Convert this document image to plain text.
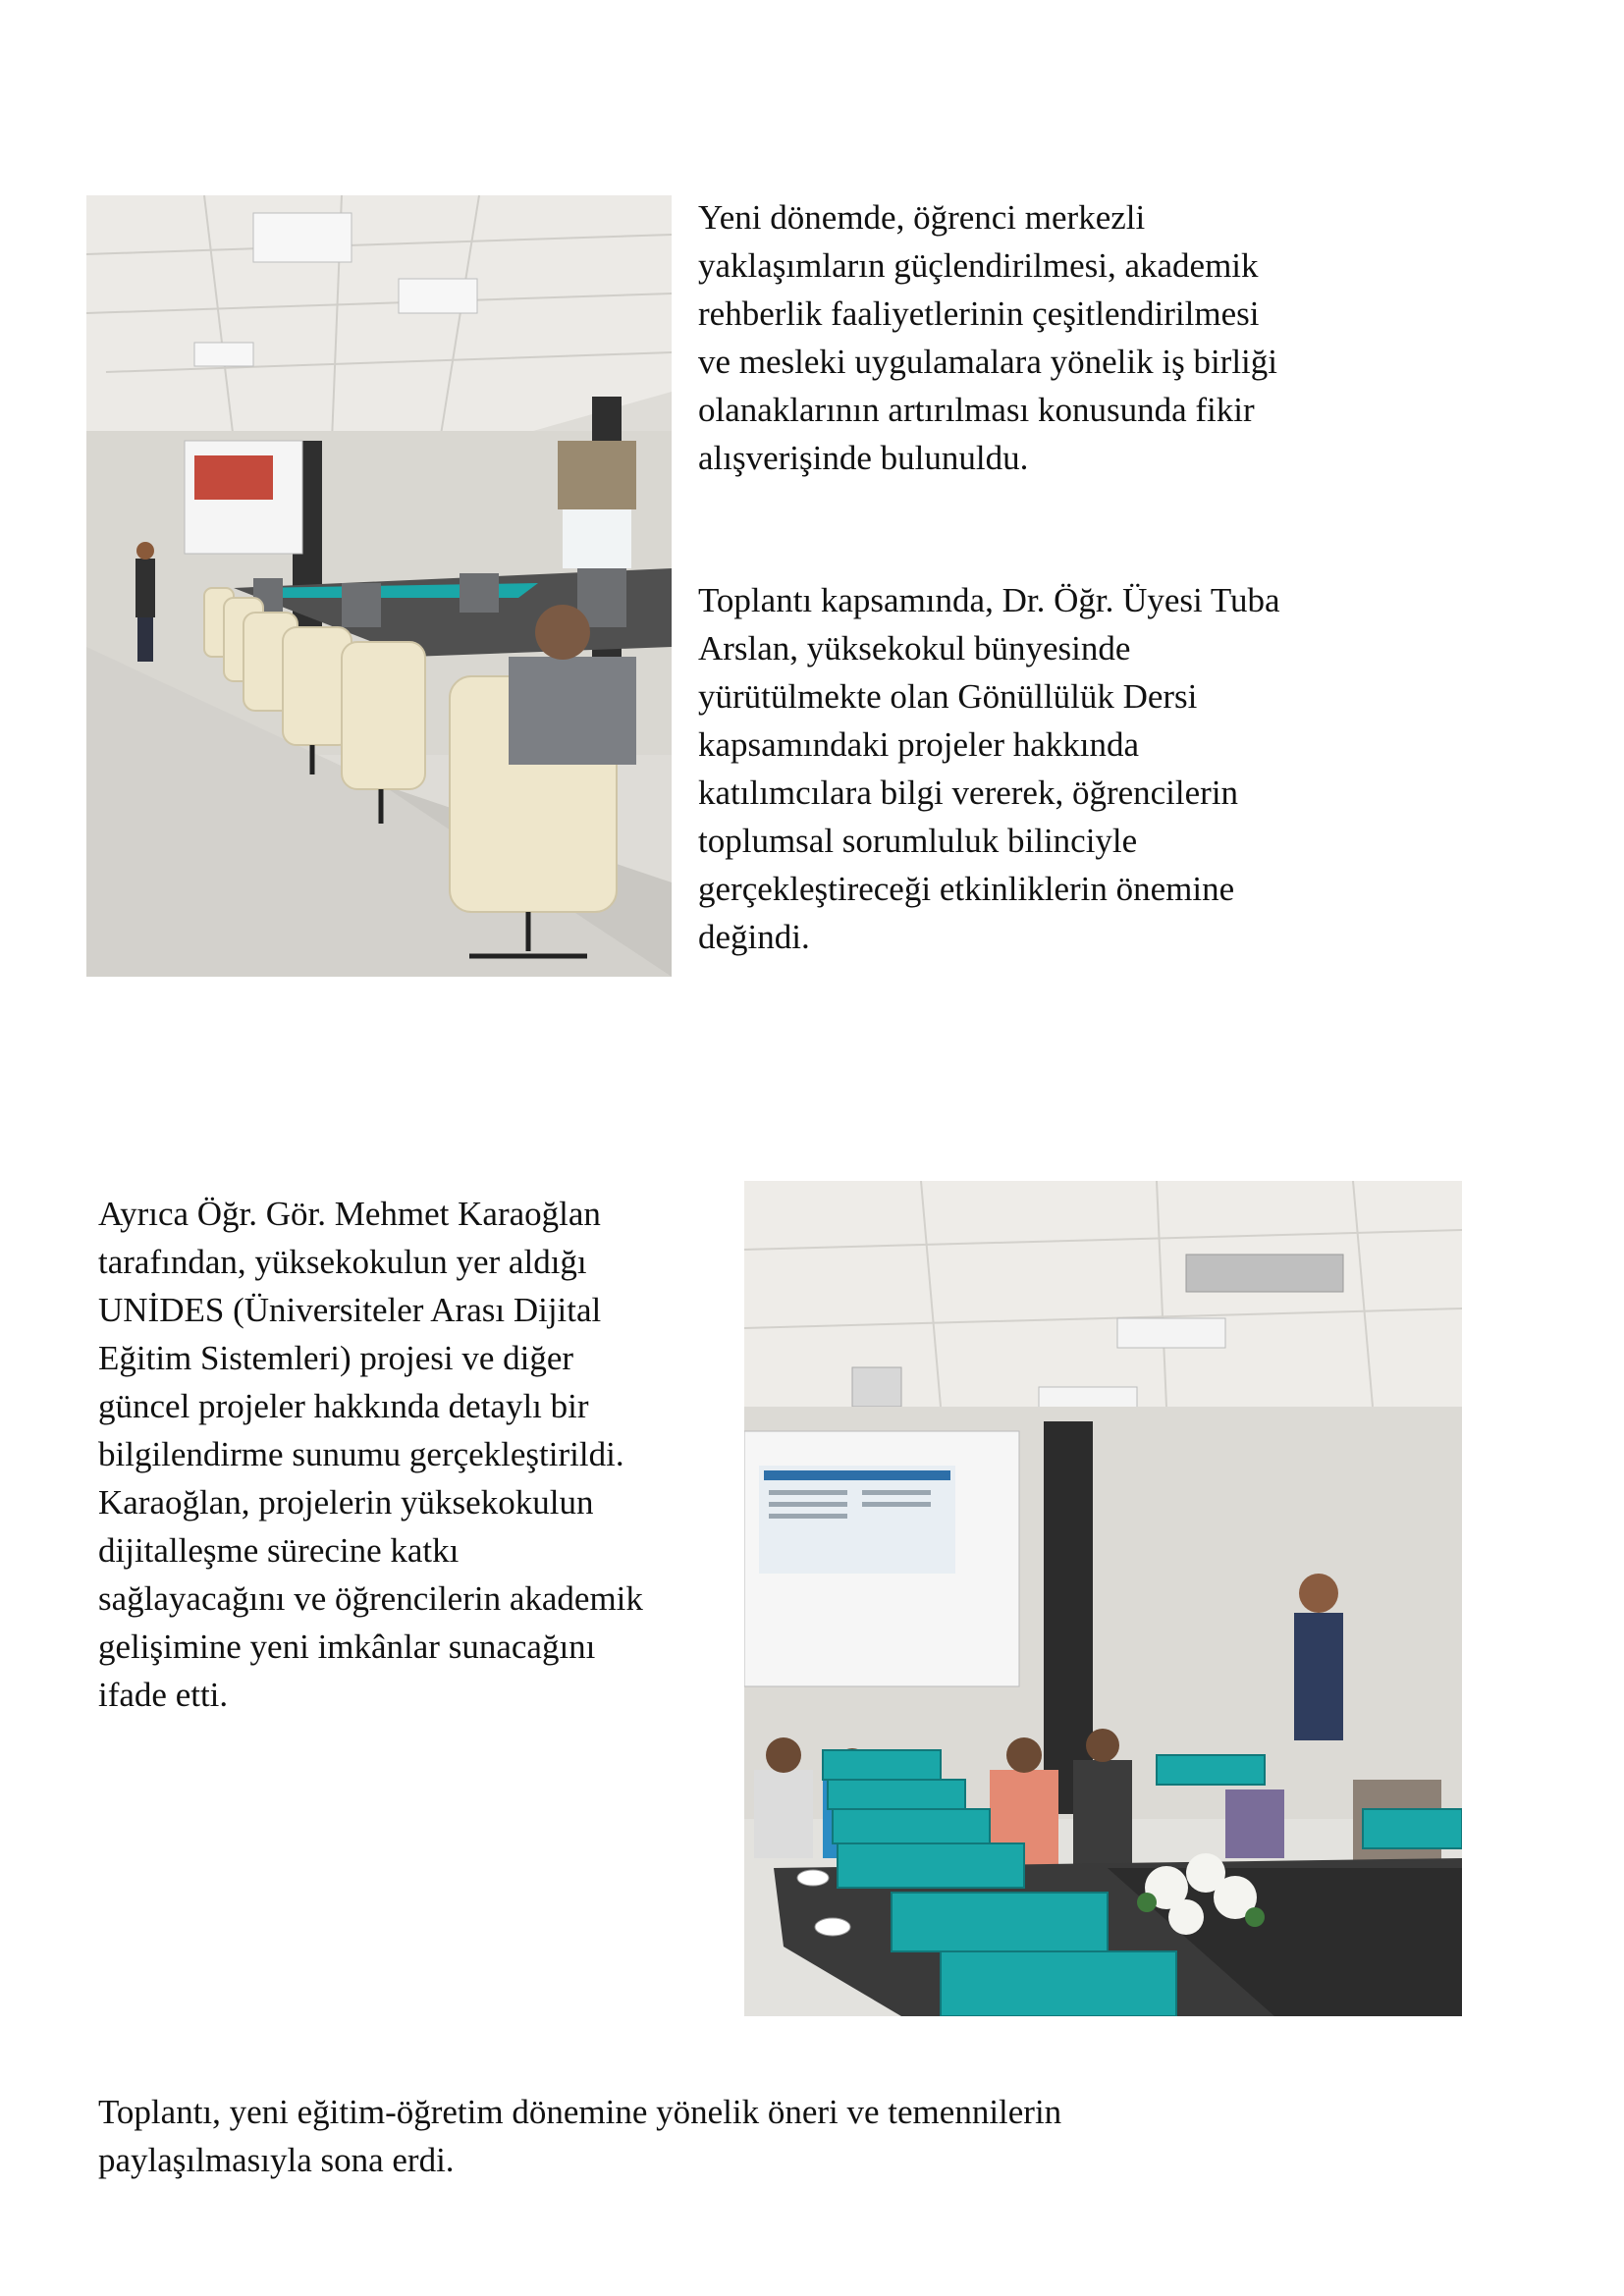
Yeni dönemde, öğrenci merkezli
yaklaşımların güçlendirilmesi, akademik
rehberlik faaliyetlerinin çeşitlendirilmesi
ve mesleki uygulamalara yönelik iş birliği
olanaklarının artırılması konusunda fikir
alışverişinde bulunuldu.
Toplantı kapsamında, Dr. Öğr. Üyesi Tuba
Arslan, yüksekokul bünyesinde
yürütülmekte olan Gönüllülük Dersi
kapsamındaki projeler hakkında
katılımcılara bilgi vererek, öğrencilerin
toplumsal sorumluluk bilinciyle
gerçekleştireceği etkinliklerin önemine
değindi.
Ayrıca Öğr. Gör. Mehmet Karaoğlan
tarafından, yüksekokulun yer aldığı
UNİDES (Üniversiteler Arası Dijital
Eğitim Sistemleri) projesi ve diğer
güncel projeler hakkında detaylı bir
bilgilendirme sunumu gerçekleştirildi.
Karaoğlan, projelerin yüksekokulun
dijitalleşme sürecine katkı
sağlayacağını ve öğrencilerin akademik
gelişimine yeni imkânlar sunacağını
ifade etti.
Toplantı, yeni eğitim-öğretim dönemine yönelik öneri ve temennilerin
paylaşılmasıyla sona erdi.
